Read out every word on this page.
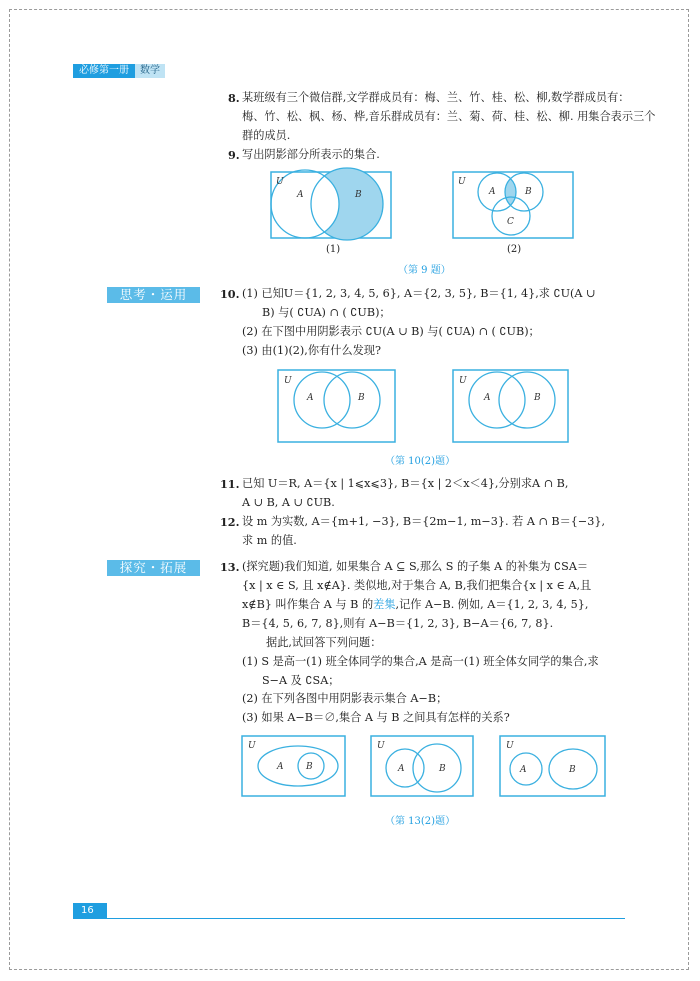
必修第一册	数学
8. 某班级有三个微信群,文学群成员有：梅、兰、竹、桂、松、柳,数学群成员有：
梅、竹、松、枫、杨、桦,音乐群成员有：兰、菊、荷、桂、松、柳. 用集合表示三个
群的成员.
9. 写出阴影部分所表示的集合.
U
A	B
U
A	B
C
U
A	B
U
A	B
U
A	B
U
A	B
U
A	B
(1)	(2)
（第 9 题）
思考・运用	10. (1) 已知U＝{1, 2, 3, 4, 5, 6}, A＝{2, 3, 5}, B＝{1, 4},求 ∁U(A ∪
B) 与( ∁UA) ∩ ( ∁UB)；
(2) 在下图中用阴影表示 ∁U(A ∪ B) 与( ∁UA) ∩ ( ∁UB)；
(3) 由(1)(2),你有什么发现?
（第 10(2)题）
11. 已知 U＝R, A＝{x | 1⩽x⩽3}, B＝{x | 2＜x＜4},分别求A ∩ B,
A ∪ B, A ∪ ∁UB.
12. 设 m 为实数, A＝{m+1, −3}, B＝{2m−1, m−3}. 若 A ∩ B＝{−3},
求 m 的值.
探究・拓展	13. (探究题)我们知道, 如果集合 A ⊆ S,那么 S 的子集 A 的补集为 ∁SA＝
{x | x ∈ S, 且 x∉A}. 类似地,对于集合 A, B,我们把集合{x | x ∈ A,且
x∉B} 叫作集合 A 与 B 的差集,记作 A−B. 例如, A＝{1, 2, 3, 4, 5},
B＝{4, 5, 6, 7, 8},则有 A−B＝{1, 2, 3}, B−A＝{6, 7, 8}.
据此,试回答下列问题：
(1) S 是高一(1) 班全体同学的集合,A 是高一(1) 班全体女同学的集合,求
S−A 及 ∁SA；
(2) 在下列各图中用阴影表示集合 A−B；
(3) 如果 A−B＝∅,集合 A 与 B 之间具有怎样的关系?
（第 13(2)题）
16
